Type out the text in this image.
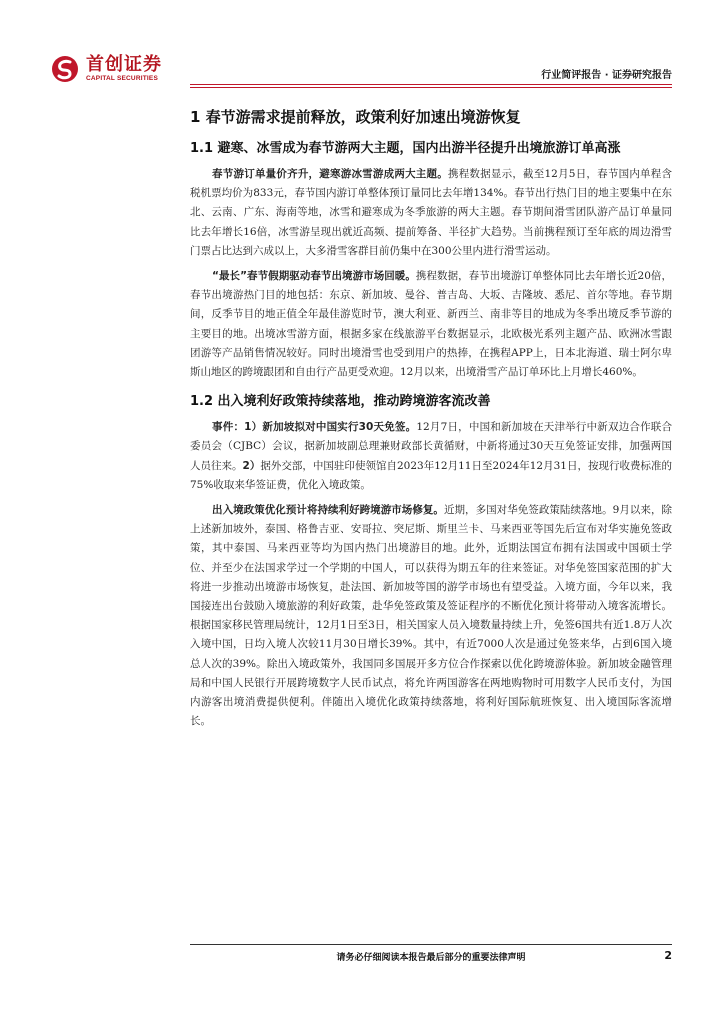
首创证券
CAPITAL SECURITIES	行业简评报告 · 证券研究报告
1 春节游需求提前释放，政策利好加速出境游恢复
1.1 避寒、冰雪成为春节游两大主题，国内出游半径提升出境旅游订单高涨

春节游订单量价齐升，避寒游冰雪游成两大主题。携程数据显示，截至12月5日，春节国内单程含税机票均价为833元，春节国内游订单整体预订量同比去年增134%。春节出行热门目的地主要集中在东北、云南、广东、海南等地，冰雪和避寒成为冬季旅游的两大主题。春节期间滑雪团队游产品订单量同比去年增长16倍，冰雪游呈现出就近高频、提前筹备、半径扩大趋势。当前携程预订至年底的周边滑雪门票占比达到六成以上，大多滑雪客群目前仍集中在300公里内进行滑雪运动。

“最长”春节假期驱动春节出境游市场回暖。携程数据，春节出境游订单整体同比去年增长近20倍，春节出境游热门目的地包括：东京、新加坡、曼谷、普吉岛、大坂、吉隆坡、悉尼、首尔等地。春节期间，反季节目的地正值全年最佳游览时节，澳大利亚、新西兰、南非等目的地成为冬季出境反季节游的主要目的地。出境冰雪游方面，根据多家在线旅游平台数据显示，北欧极光系列主题产品、欧洲冰雪跟团游等产品销售情况较好。同时出境滑雪也受到用户的热捧，在携程APP上，日本北海道、瑞士阿尔卑斯山地区的跨境跟团和自由行产品更受欢迎。12月以来，出境滑雪产品订单环比上月增长460%。

1.2 出入境利好政策持续落地，推动跨境游客流改善

事件：1）新加坡拟对中国实行30天免签。12月7日，中国和新加坡在天津举行中新双边合作联合委员会（CJBC）会议，据新加坡副总理兼财政部长黄循财，中新将通过30天互免签证安排，加强两国人员往来。2）据外交部，中国驻印使领馆自2023年12月11日至2024年12月31日，按现行收费标准的75%收取来华签证费，优化入境政策。

出入境政策优化预计将持续利好跨境游市场修复。近期，多国对华免签政策陆续落地。9月以来，除上述新加坡外，泰国、格鲁吉亚、安哥拉、突尼斯、斯里兰卡、马来西亚等国先后宣布对华实施免签政策，其中泰国、马来西亚等均为国内热门出境游目的地。此外，近期法国宣布拥有法国或中国硕士学位、并至少在法国求学过一个学期的中国人，可以获得为期五年的往来签证。对华免签国家范围的扩大将进一步推动出境游市场恢复，赴法国、新加坡等国的游学市场也有望受益。入境方面，今年以来，我国接连出台鼓励入境旅游的利好政策，赴华免签政策及签证程序的不断优化预计将带动入境客流增长。根据国家移民管理局统计，12月1日至3日，相关国家人员入境数量持续上升，免签6国共有近1.8万人次入境中国，日均入境人次较11月30日增长39%。其中，有近7000人次是通过免签来华，占到6国入境总人次的39%。除出入境政策外，我国同多国展开多方位合作探索以优化跨境游体验。新加坡金融管理局和中国人民银行开展跨境数字人民币试点，将允许两国游客在两地购物时可用数字人民币支付，为国内游客出境消费提供便利。伴随出入境优化政策持续落地，将利好国际航班恢复、出入境国际客流增长。

请务必仔细阅读本报告最后部分的重要法律声明	2
